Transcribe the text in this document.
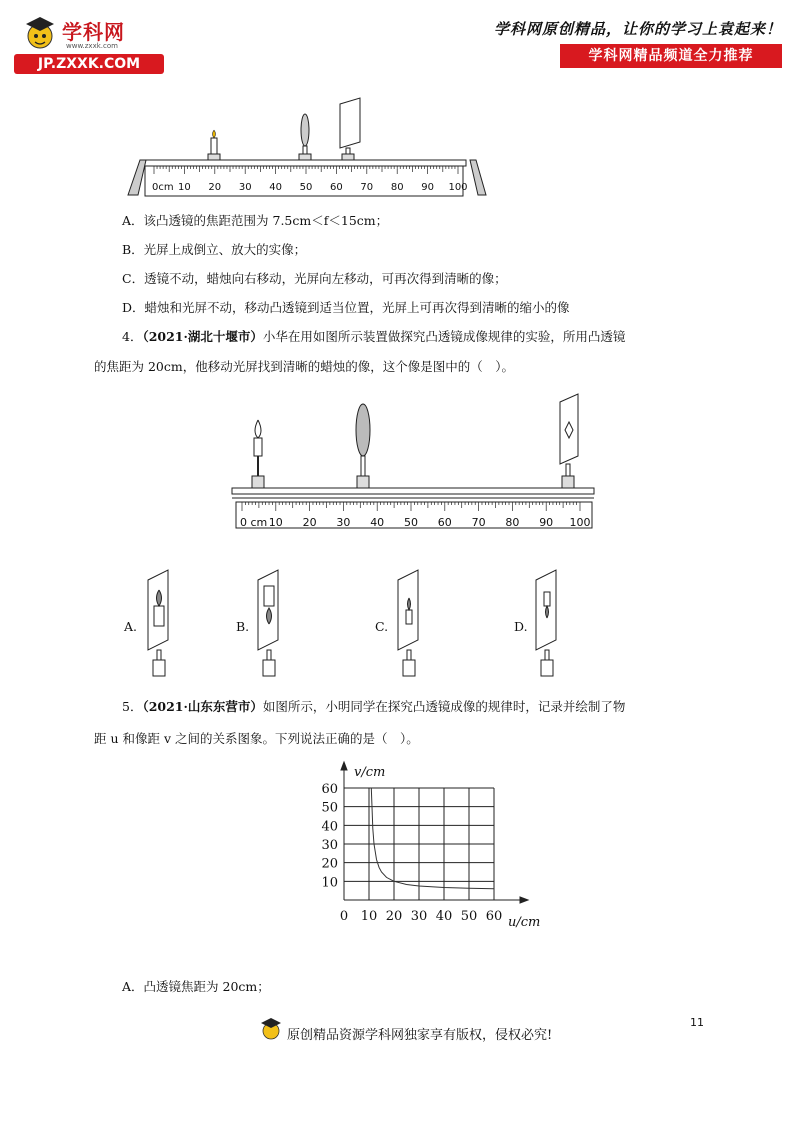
学科网
www.zxxk.com
JP.ZXXK.COM
学科网原创精品，让你的学习上袁起来！
学科网精品频道全力推荐
0cm 10 20 30 40 50 60 70 80 90 100
A．该凸透镜的焦距范围为 7.5cm＜f＜15cm；
B．光屏上成倒立、放大的实像；
C．透镜不动，蜡烛向右移动，光屏向左移动，可再次得到清晰的像；
D．蜡烛和光屏不动，移动凸透镜到适当位置，光屏上可再次得到清晰的缩小的像
4．（2021·湖北十堰市）小华在用如图所示装置做探究凸透镜成像规律的实验，所用凸透镜
的焦距为 20cm，他移动光屏找到清晰的蜡烛的像，这个像是图中的（　）。
0 cm 10 20 30 40 50 60 70 80 90 100
A.	B.	C.	D.
5．（2021·山东东营市）如图所示，小明同学在探究凸透镜成像的规律时，记录并绘制了物
距 u 和像距 v 之间的关系图象。下列说法正确的是（　）。
0 10 20 30 40 50 60
10
20
30
40
50
60
u/cm
v/cm
A．凸透镜焦距为 20cm；
原创精品资源学科网独家享有版权，侵权必究!
11
